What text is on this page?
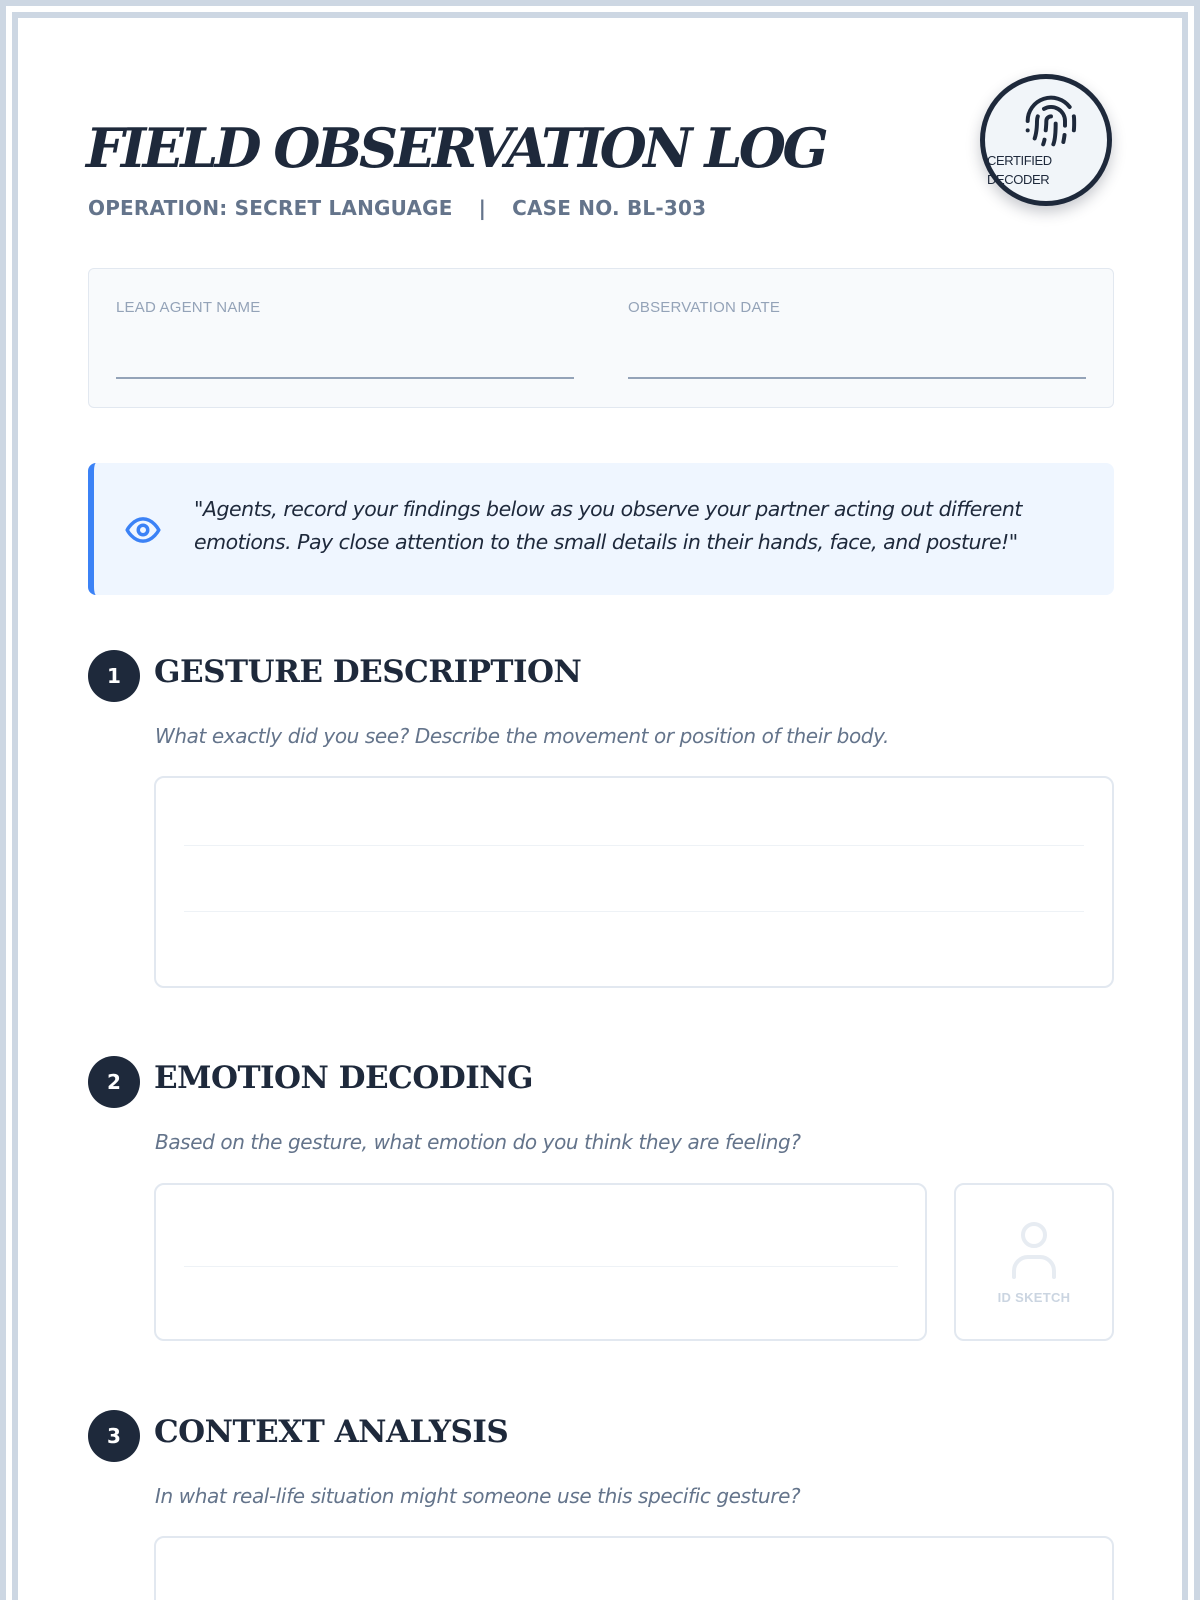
FIELD OBSERVATION LOG
OPERATION: SECRET LANGUAGE | CASE NO. BL-303
CERTIFIED
DECODER
LEAD AGENT NAME	OBSERVATION DATE
"Agents, record your findings below as you observe your partner acting out different emotions. Pay close attention to the small details in their hands, face, and posture!"
1	GESTURE DESCRIPTION
What exactly did you see? Describe the movement or position of their body.
2	EMOTION DECODING
Based on the gesture, what emotion do you think they are feeling?
ID SKETCH
3	CONTEXT ANALYSIS
In what real-life situation might someone use this specific gesture?
